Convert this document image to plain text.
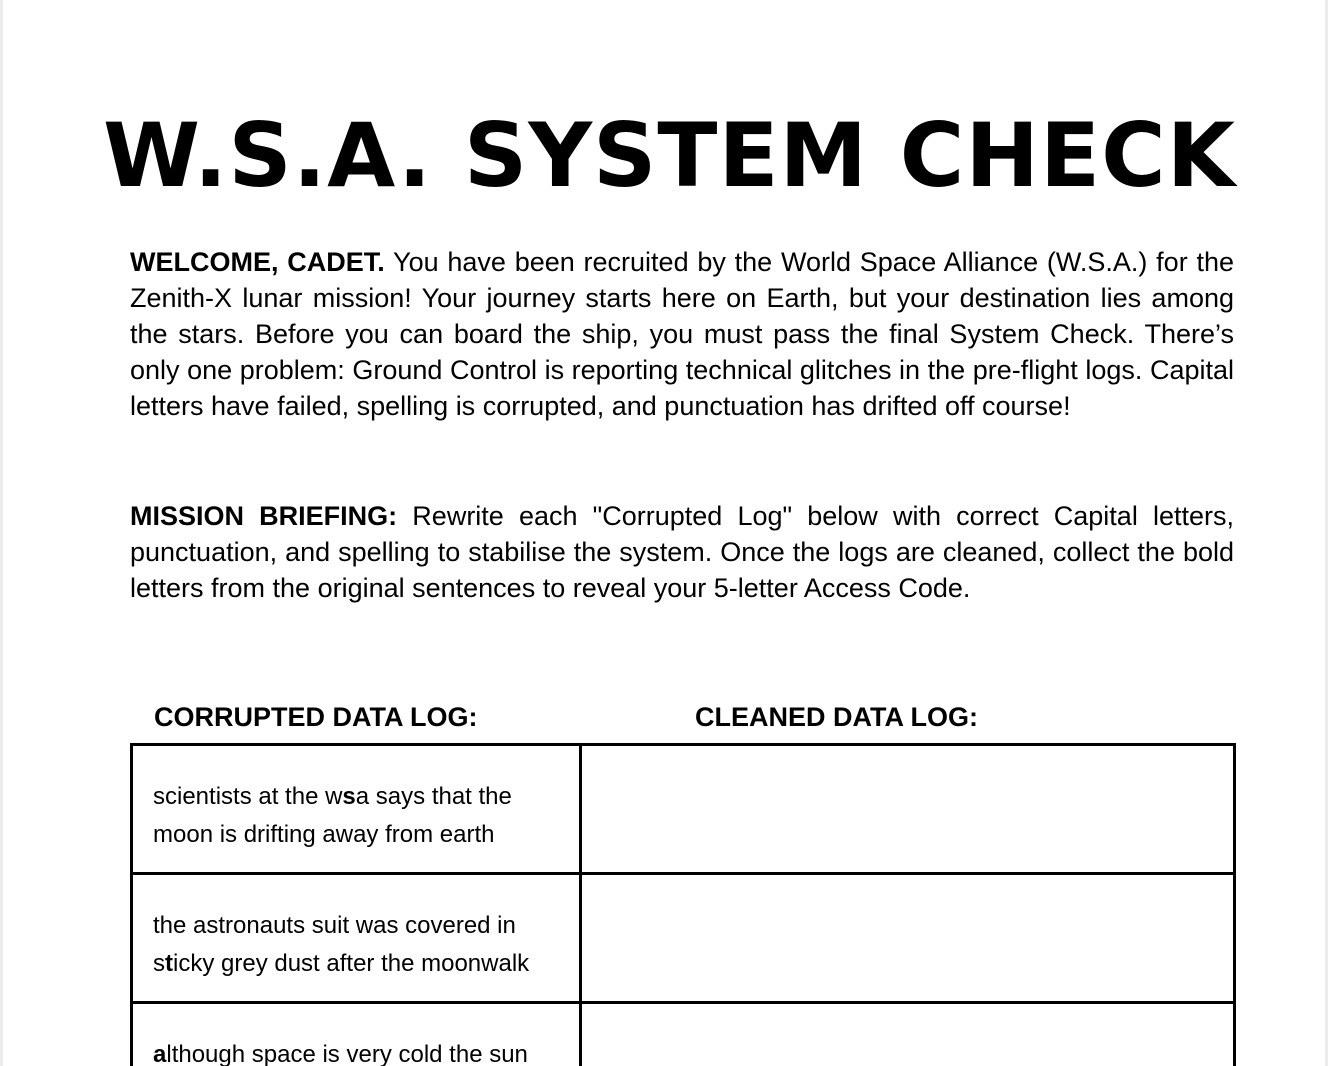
W.S.A. SYSTEM CHECK

WELCOME, CADET. You have been recruited by the World Space Alliance (W.S.A.) for the Zenith-X lunar mission! Your journey starts here on Earth, but your destination lies among the stars. Before you can board the ship, you must pass the final System Check. There’s only one problem: Ground Control is reporting technical glitches in the pre-flight logs. Capital letters have failed, spelling is corrupted, and punctuation has drifted off course!

MISSION BRIEFING: Rewrite each "Corrupted Log" below with correct Capital letters, punctuation, and spelling to stabilise the system. Once the logs are cleaned, collect the bold letters from the original sentences to reveal your 5-letter Access Code.

CORRUPTED DATA LOG:	CLEANED DATA LOG:
scientists at the wsa says that the moon is drifting away from earth	

the astronauts suit was covered in sticky grey dust after the moonwalk	

although space is very cold the sun	
